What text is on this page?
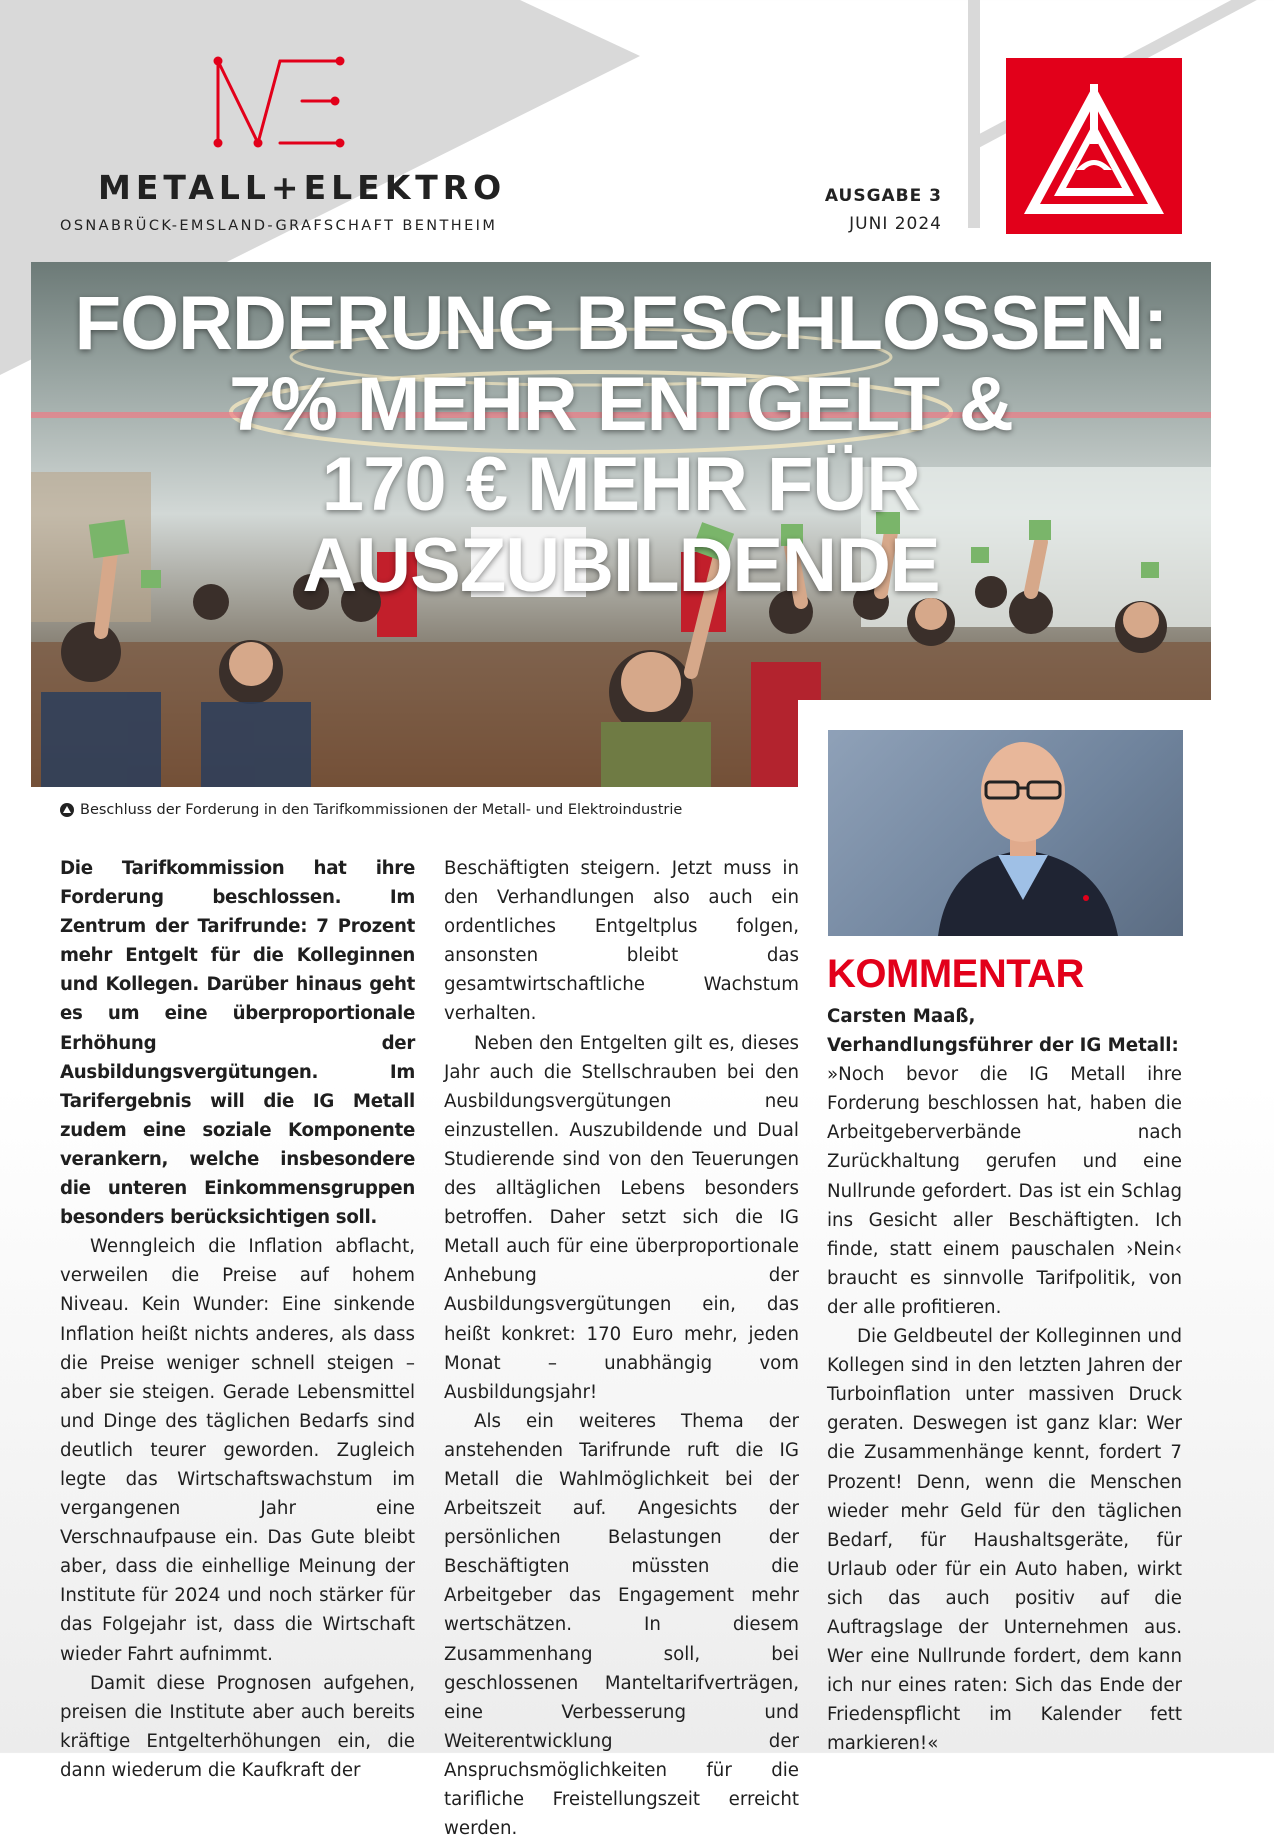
METALL+ELEKTRO
OSNABRÜCK-EMSLAND-GRAFSCHAFT BENTHEIM
AUSGABE 3
JUNI 2024
FORDERUNG BESCHLOSSEN:
7% MEHR ENTGELT &
170 € MEHR FÜR AUSZUBILDENDE
Beschluss der Forderung in den Tarifkommissionen der Metall- und Elektroindustrie

Die Tarifkommission hat ihre Forderung beschlossen. Im Zentrum der Tarifrunde: 7 Prozent mehr Entgelt für die Kolleginnen und Kollegen. Darüber hinaus geht es um eine überproportionale Erhöhung der Ausbildungsvergütungen. Im Tarifergebnis will die IG Metall zudem eine soziale Komponente verankern, welche insbesondere die unteren Einkommensgruppen besonders berücksichtigen soll.

Wenngleich die Inflation abflacht, verweilen die Preise auf hohem Niveau. Kein Wunder: Eine sinkende Inflation heißt nichts anderes, als dass die Preise weniger schnell steigen – aber sie steigen. Gerade Lebensmittel und Dinge des täglichen Bedarfs sind deutlich teurer geworden. Zugleich legte das Wirtschaftswachstum im vergangenen Jahr eine Verschnaufpause ein. Das Gute bleibt aber, dass die einhellige Meinung der Institute für 2024 und noch stärker für das Folgejahr ist, dass die Wirtschaft wieder Fahrt aufnimmt.

Damit diese Prognosen aufgehen, preisen die Institute aber auch bereits kräftige Entgelterhöhungen ein, die dann wiederum die Kaufkraft der

Beschäftigten steigern. Jetzt muss in den Verhandlungen also auch ein ordentliches Entgeltplus folgen, ansonsten bleibt das gesamtwirtschaftliche Wachstum verhalten.

Neben den Entgelten gilt es, dieses Jahr auch die Stellschrauben bei den Ausbildungsvergütungen neu einzustellen. Auszubildende und Dual Studierende sind von den Teuerungen des alltäglichen Lebens besonders betroffen. Daher setzt sich die IG Metall auch für eine überproportionale Anhebung der Ausbildungsvergütungen ein, das heißt konkret: 170 Euro mehr, jeden Monat – unabhängig vom Ausbildungsjahr!

Als ein weiteres Thema der anstehenden Tarifrunde ruft die IG Metall die Wahlmöglichkeit bei der Arbeitszeit auf. Angesichts der persönlichen Belastungen der Beschäftigten müssten die Arbeitgeber das Engagement mehr wertschätzen. In diesem Zusammenhang soll, bei geschlossenen Manteltarifverträgen, eine Verbesserung und Weiterentwicklung der Anspruchsmöglichkeiten für die tarifliche Freistellungszeit erreicht werden.

KOMMENTAR
Carsten Maaß,
Verhandlungsführer der IG Metall:

»Noch bevor die IG Metall ihre Forderung beschlossen hat, haben die Arbeitgeberverbände nach Zurückhaltung gerufen und eine Nullrunde gefordert. Das ist ein Schlag ins Gesicht aller Beschäftigten. Ich finde, statt einem pauschalen ›Nein‹ braucht es sinnvolle Tarifpolitik, von der alle profitieren.

Die Geldbeutel der Kolleginnen und Kollegen sind in den letzten Jahren der Turboinflation unter massiven Druck geraten. Deswegen ist ganz klar: Wer die Zusammenhänge kennt, fordert 7 Prozent! Denn, wenn die Menschen wieder mehr Geld für den täglichen Bedarf, für Haushaltsgeräte, für Urlaub oder für ein Auto haben, wirkt sich das auch positiv auf die Auftragslage der Unternehmen aus. Wer eine Nullrunde fordert, dem kann ich nur eines raten: Sich das Ende der Friedenspflicht im Kalender fett markieren!«
